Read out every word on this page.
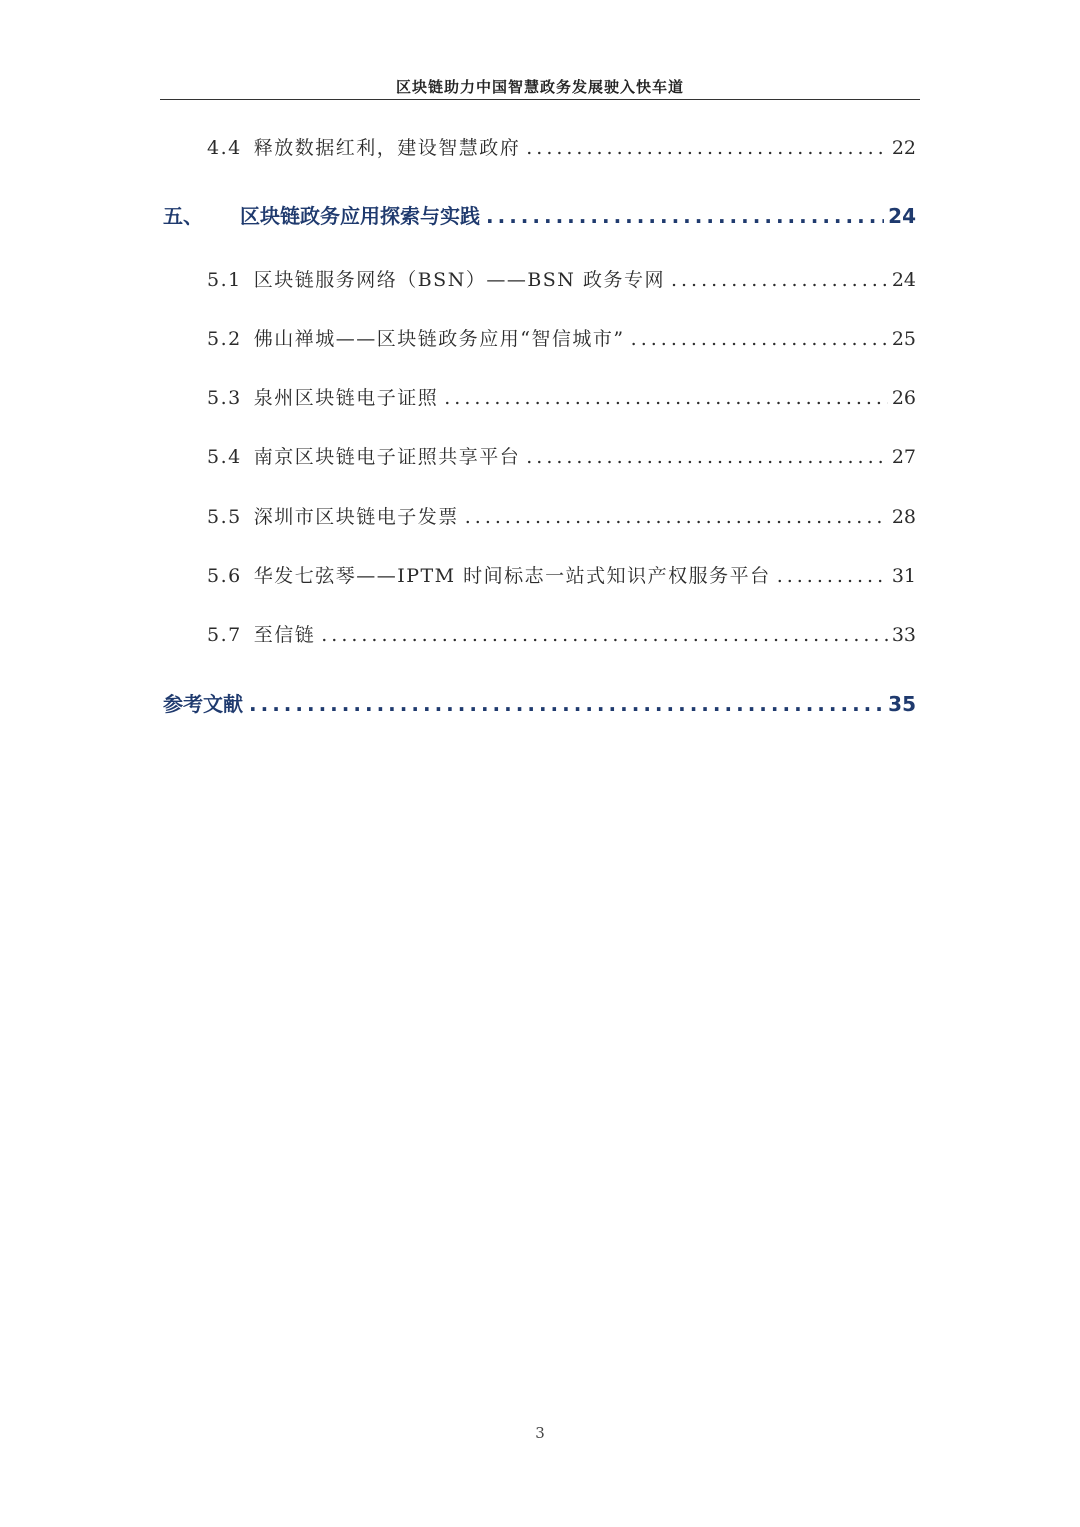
区块链助力中国智慧政务发展驶入快车道
4.4 释放数据红利，建设智慧政府 .....	22
五、	区块链政务应用探索与实践 .....	24
5.1 区块链服务网络（BSN）——BSN 政务专网 .....	24
5.2 佛山禅城——区块链政务应用“智信城市” .....	25
5.3 泉州区块链电子证照 .....	26
5.4 南京区块链电子证照共享平台 .....	27
5.5 深圳市区块链电子发票 .....	28
5.6 华发七弦琴——IPTM 时间标志一站式知识产权服务平台 .....	31
5.7 至信链 .....	33
参考文献 .....	35
3
